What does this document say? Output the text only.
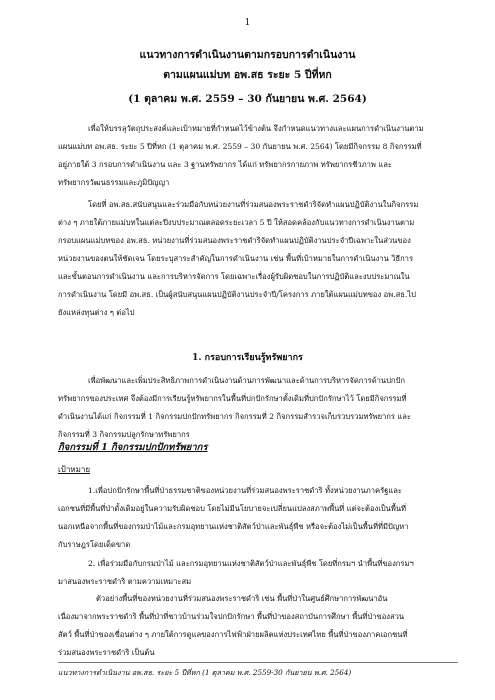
1
แนวทางการดำเนินงานตามกรอบการดำเนินงาน
ตามแผนแม่บท อพ.สธ ระยะ 5 ปีที่หก
(1 ตุลาคม พ.ศ. 2559 – 30 กันยายน พ.ศ. 2564)
เพื่อให้บรรลุวัตถุประสงค์และเป้าหมายที่กำหนดไว้ข้างต้น จึงกำหนดแนวทางและแผนการดำเนินงานตาม
แผนแม่บท อพ.สธ. ระยะ 5 ปีที่หก (1 ตุลาคม พ.ศ. 2559 – 30 กันยายน พ.ศ. 2564) โดยมีกิจกรรม 8 กิจกรรมที่
อยู่ภายใต้ 3 กรอบการดำเนินงาน และ 3 ฐานทรัพยากร ได้แก่ ทรัพยากรกายภาพ ทรัพยากรชีวภาพ และ
ทรัพยากรวัฒนธรรมและภูมิปัญญา
โดยที่ อพ.สธ.สนับสนุนและร่วมมือกับหน่วยงานที่ร่วมสนองพระราชดำริจัดทำแผนปฏิบัติงานในกิจกรรม
ต่าง ๆ ภายใต้ภายแม่บทในแต่ละปีงบประมาณตลอดระยะเวลา 5 ปี ให้สอดคล้องกับแนวทางการดำเนินงานตาม
กรอบแผนแม่บทของ อพ.สธ. หน่วยงานที่ร่วมสนองพระราชดำริจัดทำแผนปฏิบัติงานประจำปีเฉพาะในส่วนของ
หน่วยงานของตนให้ชัดเจน โดยระบุสาระสำคัญในการดำเนินงาน เช่น พื้นที่เป้าหมายในการดำเนินงาน วิธีการ
และขั้นตอนการดำเนินงาน และการบริหารจัดการ โดยเฉพาะเรื่องผู้รับผิดชอบในการปฏิบัติและงบประมาณใน
การดำเนินงาน โดยมี อพ.สธ. เป็นผู้สนับสนุนแผนปฏิบัติงานประจำปี/โครงการ ภายใต้แผนแม่บทของ อพ.สธ.ไป
ยังแหล่งทุนต่าง ๆ ต่อไป
1. กรอบการเรียนรู้ทรัพยากร
เพื่อพัฒนาและเพิ่มประสิทธิภาพการดำเนินงานด้านการพัฒนาและด้านการบริหารจัดการด้านปกปัก
ทรัพยากรของประเทศ จึงต้องมีการเรียนรู้ทรัพยากรในพื้นที่ปกปักรักษาตั้งเดิมที่ปกปักรักษาไว้ โดยมีกิจกรรมที่
ดำเนินงานได้แก่ กิจกรรมที่ 1 กิจกรรมปกปักทรัพยากร กิจกรรมที่ 2 กิจกรรมสำรวจเก็บรวบรวมทรัพยากร และ
กิจกรรมที่ 3 กิจกรรมปลูกรักษาทรัพยากร
กิจกรรมที่ 1 กิจกรรมปกปักทรัพยากร
เป้าหมาย
1.เพื่อปกปักรักษาพื้นที่ป่าธรรมชาติของหน่วยงานที่ร่วมสนองพระราชดำริ ทั้งหน่วยงานภาครัฐและ
เอกชนที่มีพื้นที่ป่าดั้งเดิมอยู่ในความรับผิดชอบ โดยไม่มีนโยบายจะเปลี่ยนแปลงสภาพพื้นที่ แต่จะต้องเป็นพื้นที่
นอกเหนือจากพื้นที่ของกรมป่าไม้และกรมอุทยานแห่งชาติสัตว์ป่าและพันธุ์พืช หรือจะต้องไม่เป็นพื้นที่ที่มีปัญหา
กับราษฎรโดยเด็ดขาด
2. เพื่อร่วมมือกับกรมป่าไม้ และกรมอุทยานแห่งชาติสัตว์ป่าและพันธุ์พืช โดยที่กรมฯ นำพื้นที่ของกรมฯ
มาสนองพระราชดำริ ตามความเหมาะสม
ตัวอย่างพื้นที่ของหน่วยงานที่ร่วมสนองพระราชดำริ เช่น พื้นที่ป่าในศูนย์ศึกษาการพัฒนาอัน
เนื่องมาจากพระราชดำริ พื้นที่ป่าที่ชาวบ้านร่วมใจปกปักรักษา พื้นที่ป่าของสถาบันการศึกษา พื้นที่ป่าของสวน
สัตว์ พื้นที่ป่าของเขื่อนต่าง ๆ ภายใต้การดูแลของการไฟฟ้าฝ่ายผลิตแห่งประเทศไทย พื้นที่ป่าของภาคเอกชนที่
ร่วมสนองพระราชดำริ เป็นต้น
แนวทางการดำเนินงาน อพ.สธ. ระยะ 5 ปีที่หก (1 ตุลาคม พ.ศ. 2559-30 กันยายน พ.ศ. 2564)
